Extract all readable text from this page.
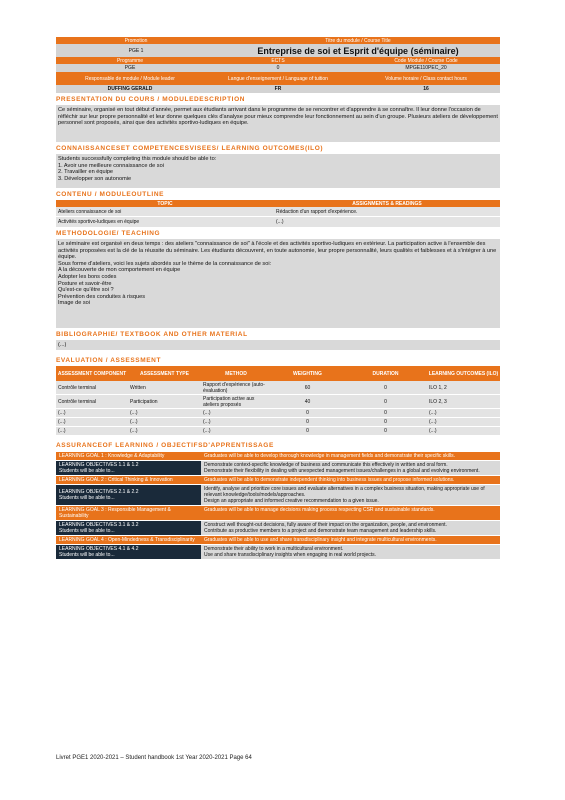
Promotion	Titre du module / Course Title
PGE 1	Entreprise de soi et Esprit d'équipe (séminaire)
Programme	ECTS	Code Module / Course Code
PGE	0	MPGE110PEC_20
Responsable de module / Module leader	Langue d'enseignement / Language of tuition	Volume horaire / Class contact hours
DUFFING GERALD	FR	16
PRESENTATION DU COURS / MODULEDESCRIPTION
Ce séminaire, organisé en tout début d'année, permet aux étudiants arrivant dans le programme de se rencontrer et d'apprendre à se connaître. Il leur donne l'occasion de réfléchir sur leur propre personnalité et leur donne quelques clés d'analyse pour mieux comprendre leur fonctionnement au sein d'un groupe. Plusieurs ateliers de développement personnel sont proposés, ainsi que des activités sportivo-ludiques en équipe.
CONNAISSANCESET COMPETENCESVISEES/ LEARNING OUTCOMES(ILO)
Students successfully completing this module should be able to:
1. Avoir une meilleure connaissance de soi
2. Travailler en équipe
3. Développer son autonomie
CONTENU / MODULEOUTLINE
TOPIC	ASSIGNMENTS & READINGS
Ateliers connaissance de soi	Rédaction d'un rapport d'expérience.
Activités sportivo-ludiques en équipe	(...)
METHODOLOGIE/ TEACHING
Le séminaire est organisé en deux temps : des ateliers "connaissance de soi" à l'école et des activités sportivo-ludiques en extérieur. La participation active à l'ensemble des activités proposées est la clé de la réussite du séminaire. Les étudiants découvrent, en toute autonomie, leur propre personnalité, leurs qualités et faiblesses et à s'intégrer à une équipe.
Sous forme d'ateliers, voici les sujets abordés sur le thème de la connaissance de soi:
A la découverte de mon comportement en équipe
Adopter les bons codes
Posture et savoir-être
Qu'est-ce qu'être soi ?
Prévention des conduites à risques
Image de soi
BIBLIOGRAPHIE/ TEXTBOOK AND OTHER MATERIAL
(...)
EVALUATION / ASSESSMENT
ASSESSMENT COMPONENT	ASSESSMENT TYPE	METHOD	WEIGHTING	DURATION	LEARNING OUTCOMES (ILO)
Contrôle terminal	Written	Rapport d'expérience (auto-évaluation)	60	0	ILO 1, 2
Contrôle terminal	Participation	Participation active aux ateliers proposés	40	0	ILO 2, 3
(...)	(...)	(...)	0	0	(...)
(...)	(...)	(...)	0	0	(...)
(...)	(...)	(...)	0	0	(...)
ASSURANCEOF LEARNING / OBJECTIFSD'APPRENTISSAGE
LEARNING GOAL 1 : Knowledge & Adaptability	Graduates will be able to develop thorough knowledge in management fields and demonstrate their specific skills.
LEARNING OBJECTIVES 1.1 & 1.2
Students will be able to...
Demonstrate context-specific knowledge of business and communicate this effectively in written and oral form.
Demonstrate their flexibility in dealing with unexpected management issues/challenges in a global and evolving environment.
LEARNING GOAL 2 : Critical Thinking & Innovation	Graduates will be able to demonstrate independent thinking into business issues and propose informed solutions.
LEARNING OBJECTIVES 2.1 & 2.2
Students will be able to...
Identify, analyse and prioritize core issues and evaluate alternatives in a complex business situation, making appropriate use of relevant knowledge/tools/models/approaches.
Design an appropriate and informed creative recommendation to a given issue.
LEARNING GOAL 3 : Responsible Management & Sustainability
Graduates will be able to manage decisions making process respecting CSR and sustainable standards.
LEARNING OBJECTIVES 3.1 & 3.2
Students will be able to...
Construct well thought-out decisions, fully aware of their impact on the organization, people, and environment.
Contribute as productive members to a project and demonstrate team management and leadership skills.
LEARNING GOAL 4 : Open-Mindedness & Transdisciplinarity	Graduates will be able to use and share transdisciplinary insight and integrate multicultural environments.
LEARNING OBJECTIVES 4.1 & 4.2
Students will be able to...
Demonstrate their ability to work in a multicultural environment.
Use and share transdisciplinary insights when engaging in real world projects.
Livret PGE1 2020-2021 – Student handbook 1st Year 2020-2021 Page 64
